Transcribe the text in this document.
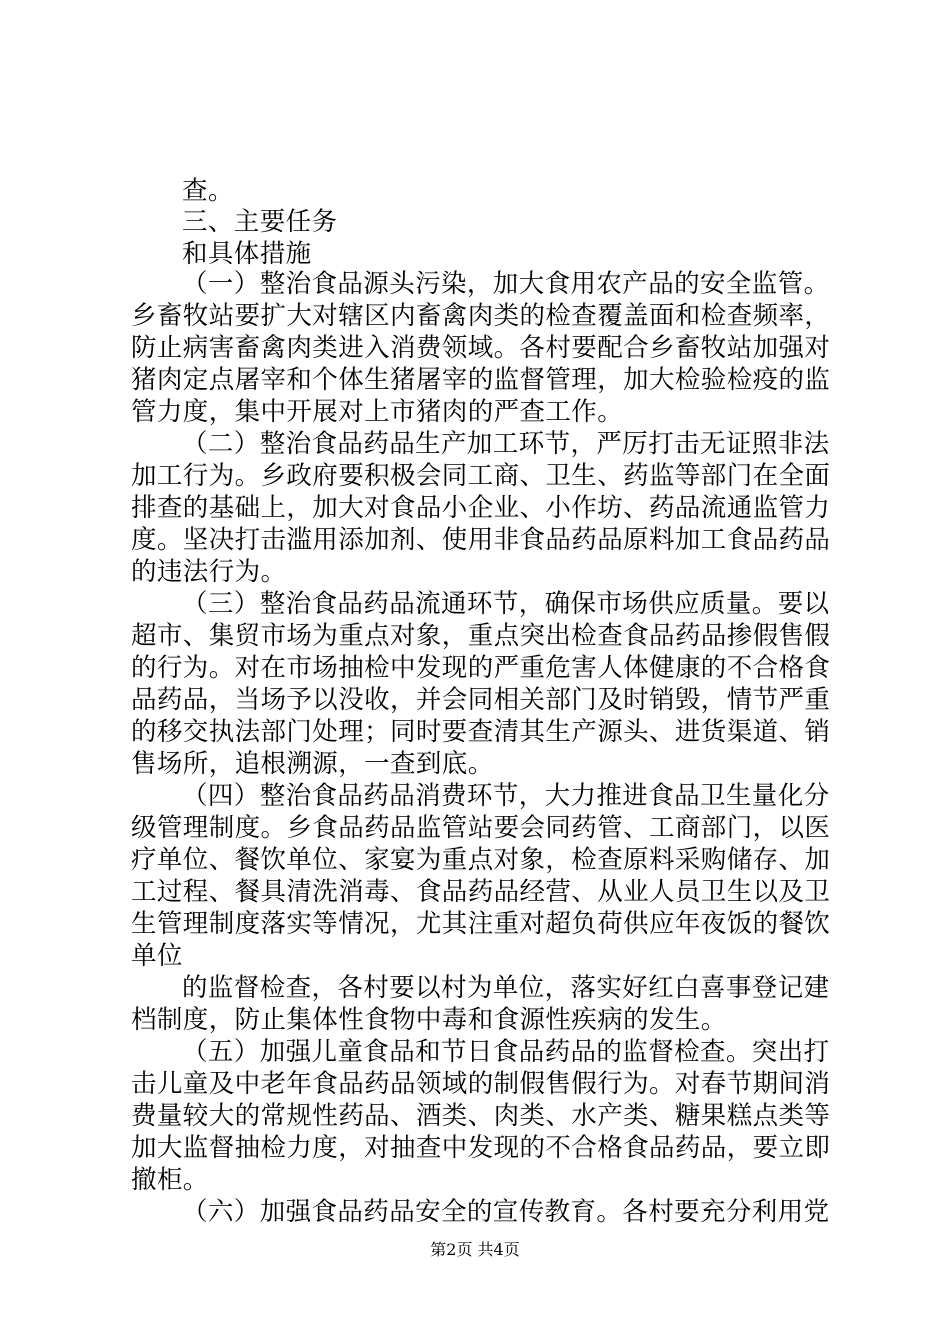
查。
三、主要任务
和具体措施
（一）整治食品源头污染，加大食用农产品的安全监管。
乡畜牧站要扩大对辖区内畜禽肉类的检查覆盖面和检查频率，
防止病害畜禽肉类进入消费领域。各村要配合乡畜牧站加强对
猪肉定点屠宰和个体生猪屠宰的监督管理，加大检验检疫的监
管力度，集中开展对上市猪肉的严查工作。
（二）整治食品药品生产加工环节，严厉打击无证照非法
加工行为。乡政府要积极会同工商、卫生、药监等部门在全面
排查的基础上，加大对食品小企业、小作坊、药品流通监管力
度。坚决打击滥用添加剂、使用非食品药品原料加工食品药品
的违法行为。
（三）整治食品药品流通环节，确保市场供应质量。要以
超市、集贸市场为重点对象，重点突出检查食品药品掺假售假
的行为。对在市场抽检中发现的严重危害人体健康的不合格食
品药品，当场予以没收，并会同相关部门及时销毁，情节严重
的移交执法部门处理；同时要查清其生产源头、进货渠道、销
售场所，追根溯源，一查到底。
（四）整治食品药品消费环节，大力推进食品卫生量化分
级管理制度。乡食品药品监管站要会同药管、工商部门，以医
疗单位、餐饮单位、家宴为重点对象，检查原料采购储存、加
工过程、餐具清洗消毒、食品药品经营、从业人员卫生以及卫
生管理制度落实等情况，尤其注重对超负荷供应年夜饭的餐饮
单位
的监督检查，各村要以村为单位，落实好红白喜事登记建
档制度，防止集体性食物中毒和食源性疾病的发生。
（五）加强儿童食品和节日食品药品的监督检查。突出打
击儿童及中老年食品药品领域的制假售假行为。对春节期间消
费量较大的常规性药品、酒类、肉类、水产类、糖果糕点类等
加大监督抽检力度，对抽查中发现的不合格食品药品，要立即
撤柜。
（六）加强食品药品安全的宣传教育。各村要充分利用党
第2页 共4页
